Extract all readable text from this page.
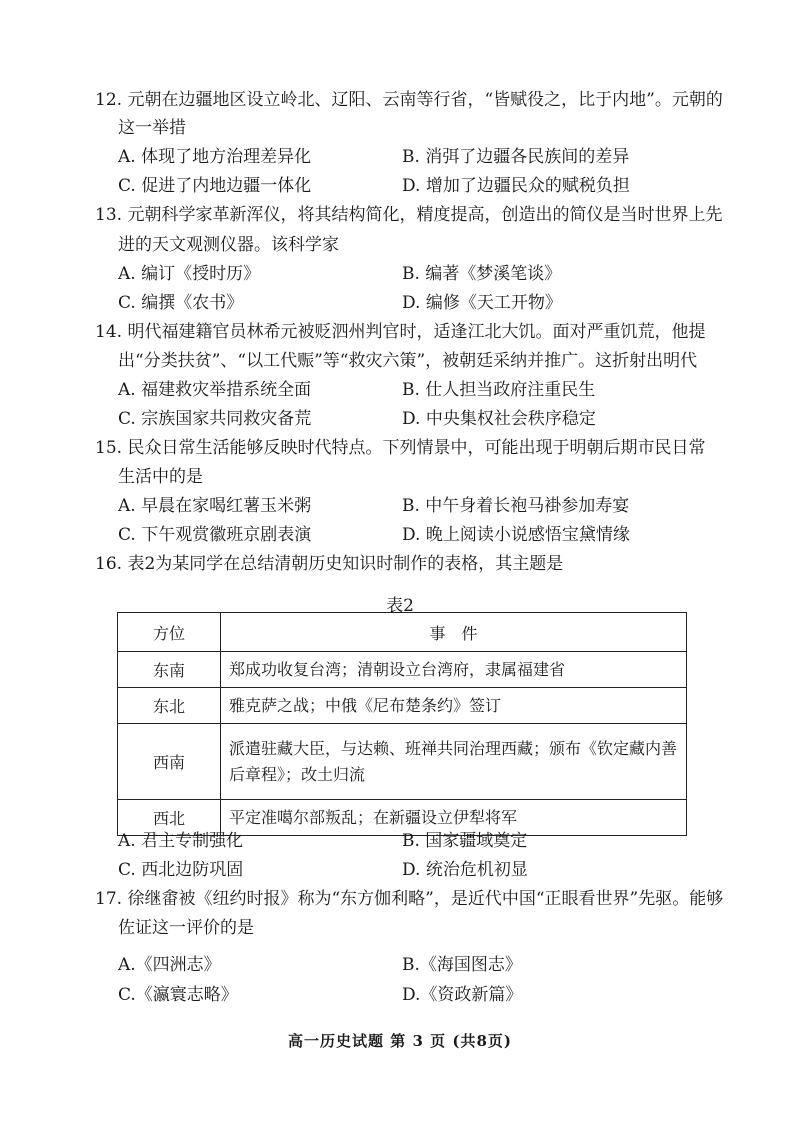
12. 元朝在边疆地区设立岭北、辽阳、云南等行省，“皆赋役之，比于内地”。元朝的
这一举措
A. 体现了地方治理差异化	B. 消弭了边疆各民族间的差异
C. 促进了内地边疆一体化	D. 增加了边疆民众的赋税负担
13. 元朝科学家革新浑仪，将其结构简化，精度提高，创造出的简仪是当时世界上先
进的天文观测仪器。该科学家
A. 编订《授时历》	B. 编著《梦溪笔谈》
C. 编撰《农书》	D. 编修《天工开物》
14. 明代福建籍官员林希元被贬泗州判官时，适逢江北大饥。面对严重饥荒，他提
出“分类扶贫”、“以工代赈”等“救灾六策”，被朝廷采纳并推广。这折射出明代
A. 福建救灾举措系统全面	B. 仕人担当政府注重民生
C. 宗族国家共同救灾备荒	D. 中央集权社会秩序稳定
15. 民众日常生活能够反映时代特点。下列情景中，可能出现于明朝后期市民日常
生活中的是
A. 早晨在家喝红薯玉米粥	B. 中午身着长袍马褂参加寿宴
C. 下午观赏徽班京剧表演	D. 晚上阅读小说感悟宝黛情缘
16. 表2为某同学在总结清朝历史知识时制作的表格，其主题是
表2
方位	事　件
东南	郑成功收复台湾；清朝设立台湾府，隶属福建省
东北	雅克萨之战；中俄《尼布楚条约》签订
西南	派遣驻藏大臣，与达赖、班禅共同治理西藏；颁布《钦定藏内善后章程》；改土归流
西北	平定准噶尔部叛乱；在新疆设立伊犁将军
A. 君主专制强化	B. 国家疆域奠定
C. 西北边防巩固	D. 统治危机初显
17. 徐继畬被《纽约时报》称为“东方伽利略”，是近代中国“正眼看世界”先驱。能够
佐证这一评价的是
A.《四洲志》	B.《海国图志》
C.《瀛寰志略》	D.《资政新篇》
高一历史试题 第 3 页 (共8页)
